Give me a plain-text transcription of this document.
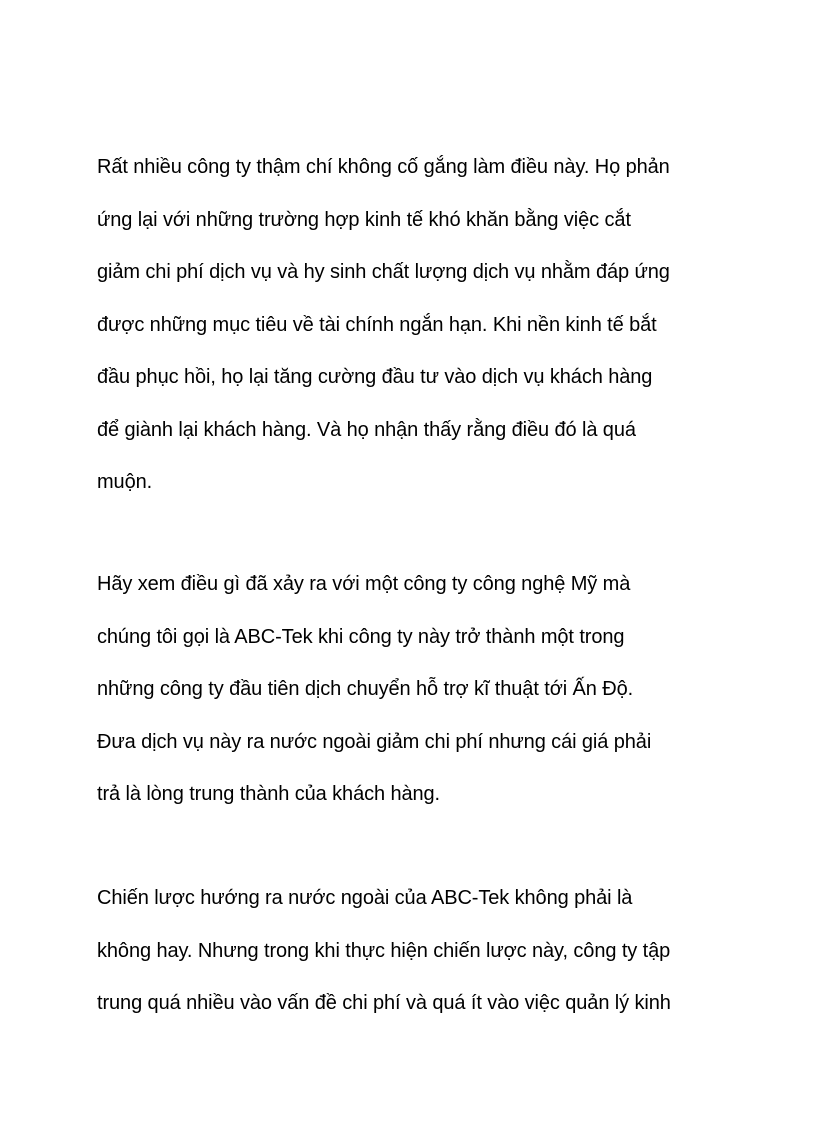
Rất nhiều công ty thậm chí không cố gắng làm điều này. Họ phản
ứng lại với những trường hợp kinh tế khó khăn bằng việc cắt
giảm chi phí dịch vụ và hy sinh chất lượng dịch vụ nhằm đáp ứng
được những mục tiêu về tài chính ngắn hạn. Khi nền kinh tế bắt
đầu phục hồi, họ lại tăng cường đầu tư vào dịch vụ khách hàng
để giành lại khách hàng. Và họ nhận thấy rằng điều đó là quá
muộn.
Hãy xem điều gì đã xảy ra với một công ty công nghệ Mỹ mà
chúng tôi gọi là ABC-Tek khi công ty này trở thành một trong
những công ty đầu tiên dịch chuyển hỗ trợ kĩ thuật tới Ấn Độ.
Đưa dịch vụ này ra nước ngoài giảm chi phí nhưng cái giá phải
trả là lòng trung thành của khách hàng.
Chiến lược hướng ra nước ngoài của ABC-Tek không phải là
không hay. Nhưng trong khi thực hiện chiến lược này, công ty tập
trung quá nhiều vào vấn đề chi phí và quá ít vào việc quản lý kinh
